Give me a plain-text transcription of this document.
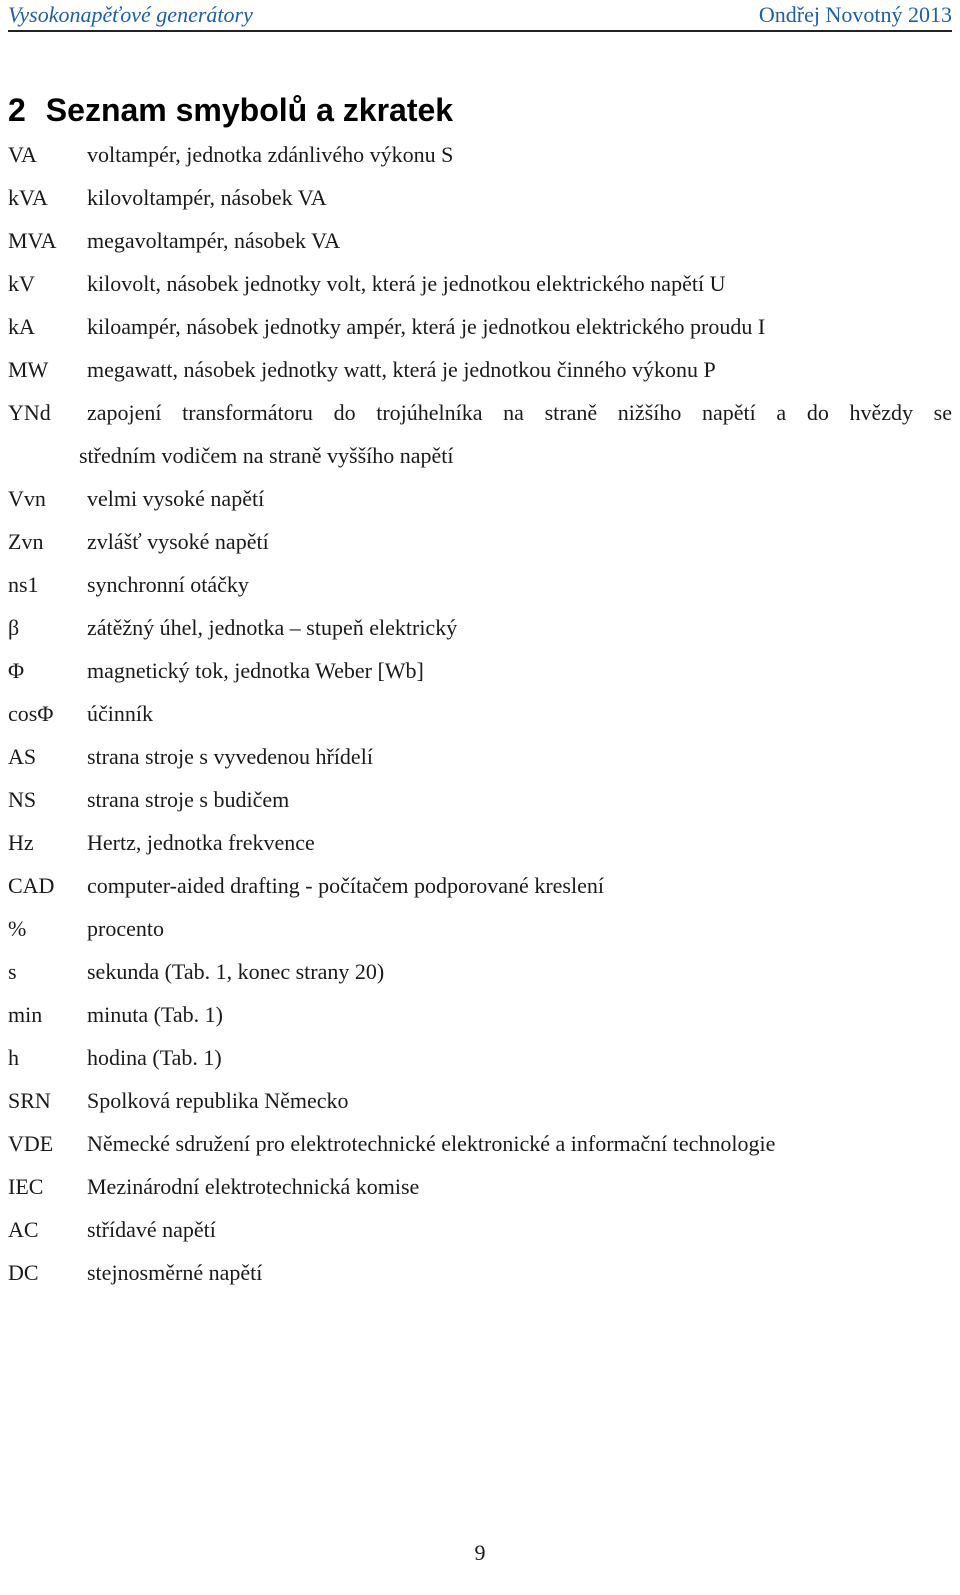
Vysokonapěťové generátory	Ondřej Novotný 2013
2 Seznam smybolů a zkratek
VA	voltampér, jednotka zdánlivého výkonu S
kVA	kilovoltampér, násobek VA
MVA	megavoltampér, násobek VA
kV	kilovolt, násobek jednotky volt, která je jednotkou elektrického napětí U
kA	kiloampér, násobek jednotky ampér, která je jednotkou elektrického proudu I
MW	megawatt, násobek jednotky watt, která je jednotkou činného výkonu P
YNd	zapojení transformátoru do trojúhelníka na straně nižšího napětí a do hvězdy se
středním vodičem na straně vyššího napětí
Vvn	velmi vysoké napětí
Zvn	zvlášť vysoké napětí
ns1	synchronní otáčky
β	zátěžný úhel, jednotka – stupeň elektrický
Φ	magnetický tok, jednotka Weber [Wb]
cosΦ	účinník
AS	strana stroje s vyvedenou hřídelí
NS	strana stroje s budičem
Hz	Hertz, jednotka frekvence
CAD	computer-aided drafting - počítačem podporované kreslení
%	procento
s	sekunda (Tab. 1, konec strany 20)
min	minuta (Tab. 1)
h	hodina (Tab. 1)
SRN	Spolková republika Německo
VDE	Německé sdružení pro elektrotechnické elektronické a informační technologie
IEC	Mezinárodní elektrotechnická komise
AC	střídavé napětí
DC	stejnosměrné napětí
9
